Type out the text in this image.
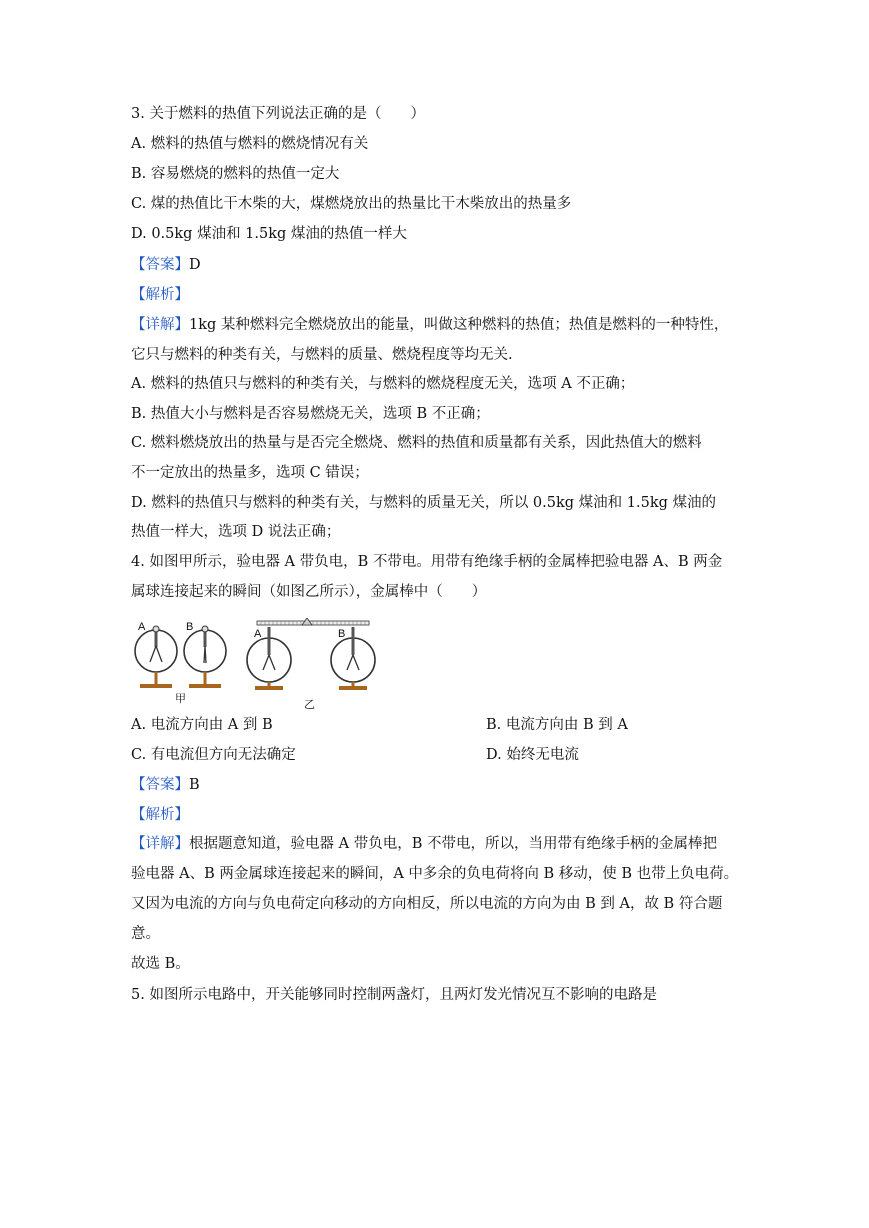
3. 关于燃料的热值下列说法正确的是（　　）
A. 燃料的热值与燃料的燃烧情况有关
B. 容易燃烧的燃料的热值一定大
C. 煤的热值比干木柴的大，煤燃烧放出的热量比干木柴放出的热量多
D. 0.5kg 煤油和 1.5kg 煤油的热值一样大
【答案】D
【解析】
【详解】1kg 某种燃料完全燃烧放出的能量，叫做这种燃料的热值；热值是燃料的一种特性，
它只与燃料的种类有关，与燃料的质量、燃烧程度等均无关.
A. 燃料的热值只与燃料的种类有关，与燃料的燃烧程度无关，选项 A 不正确；
B. 热值大小与燃料是否容易燃烧无关，选项 B 不正确；
C. 燃料燃烧放出的热量与是否完全燃烧、燃料的热值和质量都有关系，因此热值大的燃料
不一定放出的热量多，选项 C 错误；
D. 燃料的热值只与燃料的种类有关，与燃料的质量无关，所以 0.5kg 煤油和 1.5kg 煤油的
热值一样大，选项 D 说法正确；
4. 如图甲所示，验电器 A 带负电，B 不带电。用带有绝缘手柄的金属棒把验电器 A、B 两金
属球连接起来的瞬间（如图乙所示），金属棒中（　　）
A	B
甲
A	B
乙
A. 电流方向由 A 到 B	B. 电流方向由 B 到 A
C. 有电流但方向无法确定	D. 始终无电流
【答案】B
【解析】
【详解】根据题意知道，验电器 A 带负电，B 不带电，所以，当用带有绝缘手柄的金属棒把
验电器 A、B 两金属球连接起来的瞬间，A 中多余的负电荷将向 B 移动，使 B 也带上负电荷。
又因为电流的方向与负电荷定向移动的方向相反，所以电流的方向为由 B 到 A，故 B 符合题
意。
故选 B。
5. 如图所示电路中，开关能够同时控制两盏灯，且两灯发光情况互不影响的电路是
